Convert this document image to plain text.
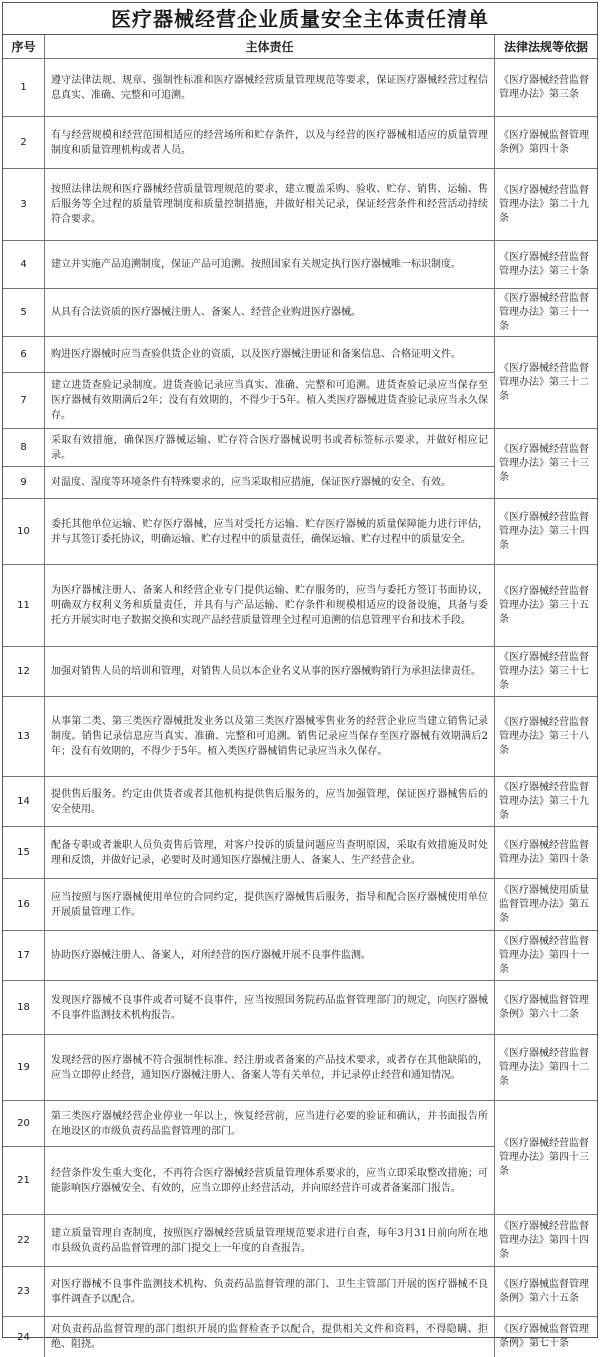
医疗器械经营企业质量安全主体责任清单
序号	主体责任	法律法规等依据
1
遵守法律法规、规章、强制性标准和医疗器械经营质量管理规范等要求，保证医疗器械经营过程信息真实、准确、完整和可追溯。
《医疗器械经营监督管理办法》第三条
2
有与经营规模和经营范围相适应的经营场所和贮存条件，以及与经营的医疗器械相适应的质量管理制度和质量管理机构或者人员。
《医疗器械监督管理条例》第四十条
3
按照法律法规和医疗器械经营质量管理规范的要求，建立覆盖采购、验收、贮存、销售、运输、售后服务等全过程的质量管理制度和质量控制措施，并做好相关记录，保证经营条件和经营活动持续符合要求。
《医疗器械经营监督管理办法》第二十九条
4	建立并实施产品追溯制度，保证产品可追溯。按照国家有关规定执行医疗器械唯一标识制度。
《医疗器械经营监督管理办法》第三十条
5	从具有合法资质的医疗器械注册人、备案人、经营企业购进医疗器械。
《医疗器械经营监督管理办法》第三十一条
6	购进医疗器械时应当查验供货企业的资质，以及医疗器械注册证和备案信息、合格证明文件。
7
建立进货查验记录制度。进货查验记录应当真实、准确、完整和可追溯。进货查验记录应当保存至医疗器械有效期满后2年；没有有效期的，不得少于5年。植入类医疗器械进货查验记录应当永久保存。
《医疗器械经营监督管理办法》第三十二条
8
采取有效措施，确保医疗器械运输、贮存符合医疗器械说明书或者标签标示要求，并做好相应记录。
9	对温度、湿度等环境条件有特殊要求的，应当采取相应措施，保证医疗器械的安全、有效。
《医疗器械经营监督管理办法》第三十三条
10
委托其他单位运输、贮存医疗器械，应当对受托方运输、贮存医疗器械的质量保障能力进行评估，并与其签订委托协议，明确运输、贮存过程中的质量责任，确保运输、贮存过程中的质量安全。
《医疗器械经营监督管理办法》第三十四条
11
为医疗器械注册人、备案人和经营企业专门提供运输、贮存服务的，应当与委托方签订书面协议，明确双方权利义务和质量责任，并具有与产品运输、贮存条件和规模相适应的设备设施，具备与委托方开展实时电子数据交换和实现产品经营质量管理全过程可追溯的信息管理平台和技术手段。
《医疗器械经营监督管理办法》第三十五条
12	加强对销售人员的培训和管理，对销售人员以本企业名义从事的医疗器械购销行为承担法律责任。
《医疗器械经营监督管理办法》第三十七条
13
从事第二类、第三类医疗器械批发业务以及第三类医疗器械零售业务的经营企业应当建立销售记录制度。销售记录信息应当真实、准确、完整和可追溯。销售记录应当保存至医疗器械有效期满后2年；没有有效期的，不得少于5年。植入类医疗器械销售记录应当永久保存。
《医疗器械经营监督管理办法》第三十八条
14
提供售后服务。约定由供货者或者其他机构提供售后服务的，应当加强管理，保证医疗器械售后的安全使用。
《医疗器械经营监督管理办法》第三十九条
15
配备专职或者兼职人员负责售后管理，对客户投诉的质量问题应当查明原因，采取有效措施及时处理和反馈，并做好记录，必要时及时通知医疗器械注册人、备案人、生产经营企业。
《医疗器械经营监督管理办法》第四十条
16
应当按照与医疗器械使用单位的合同约定，提供医疗器械售后服务，指导和配合医疗器械使用单位开展质量管理工作。
《医疗器械使用质量监督管理办法》第五条
17	协助医疗器械注册人、备案人，对所经营的医疗器械开展不良事件监测。
《医疗器械经营监督管理办法》第四十一条
18
发现医疗器械不良事件或者可疑不良事件，应当按照国务院药品监督管理部门的规定，向医疗器械不良事件监测技术机构报告。
《医疗器械监督管理条例》第六十二条
19
发现经营的医疗器械不符合强制性标准、经注册或者备案的产品技术要求，或者存在其他缺陷的，应当立即停止经营，通知医疗器械注册人、备案人等有关单位，并记录停止经营和通知情况。
《医疗器械经营监督管理办法》第四十二条
20
第三类医疗器械经营企业停业一年以上，恢复经营前，应当进行必要的验证和确认，并书面报告所在地设区的市级负责药品监督管理的部门。
21
经营条件发生重大变化，不再符合医疗器械经营质量管理体系要求的，应当立即采取整改措施；可能影响医疗器械安全、有效的，应当立即停止经营活动，并向原经营许可或者备案部门报告。
《医疗器械经营监督管理办法》第四十三条
22
建立质量管理自查制度，按照医疗器械经营质量管理规范要求进行自查，每年3月31日前向所在地市县级负责药品监督管理的部门提交上一年度的自查报告。
《医疗器械经营监督管理办法》第四十四条
23
对医疗器械不良事件监测技术机构、负责药品监督管理的部门、卫生主管部门开展的医疗器械不良事件调查予以配合。
《医疗器械监督管理条例》第六十五条
24
对负责药品监督管理的部门组织开展的监督检查予以配合，提供相关文件和资料，不得隐瞒、拒绝、阻挠。
《医疗器械监督管理条例》第七十条
